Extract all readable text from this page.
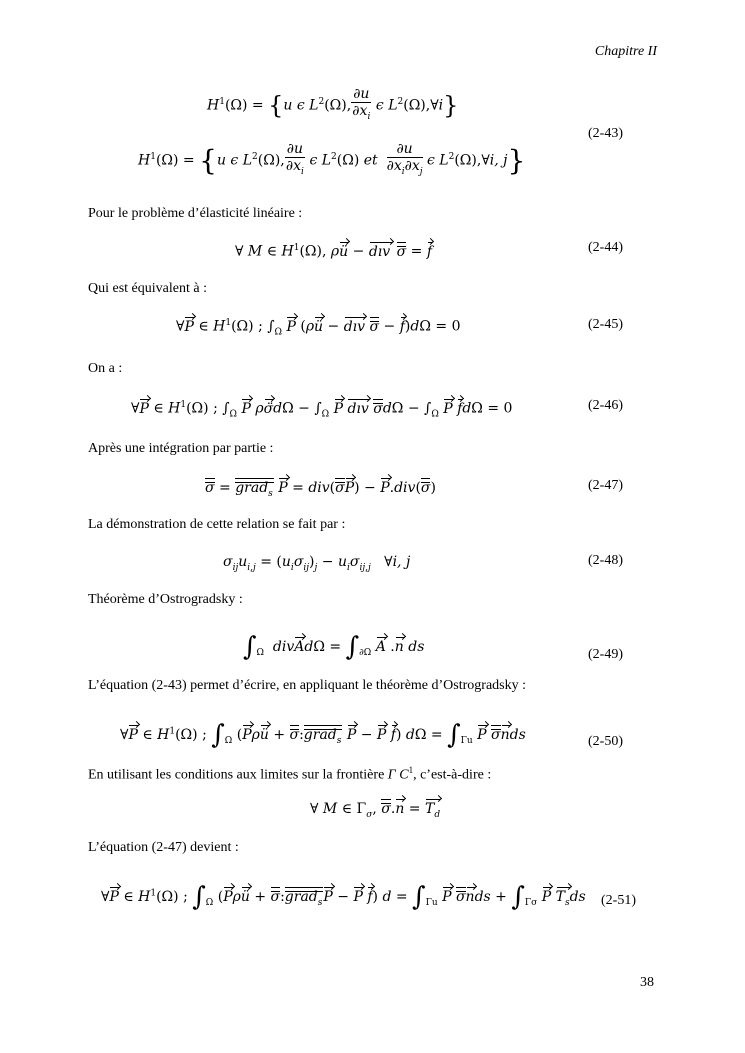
Chapitre II
$H^1(\Omega) = \{u$ ϵ $L^2(\Omega)$, $\frac{\partial u}{\partial x_i}$ ϵ $L^2(\Omega),\forall i$}
$H^1(\Omega) = \{u$ ϵ $L^2(\Omega)$, $\frac{\partial u}{\partial x_i}$ ϵ $L^2(\Omega)$ et $\frac{\partial u}{\partial x_i\partial x_j}$ ϵ $L^2(\Omega),\forall i$, j}
(2-43)
Pour le problème d’élasticité linéaire :
∀ M ∈ $H^1(\Omega)$, ρü − dıv σ = f	(2-44)
Qui est équivalent à :
∀P ∈ $H^1(\Omega)$ ; $\int_\Omega$ P (ρü − dıv σ − f)dΩ = 0	(2-45)
On a :
∀P ∈ $H^1(\Omega)$ ; $\int_\Omega$ P ρσ̈dΩ − $\int_\Omega$ P dıv $\sigma d\Omega - \int_\Omega$ P fdΩ = 0	(2-46)
Après une intégration par partie :
σ = grad$_s$ P = div(σP) − P.div(σ)	(2-47)
La démonstration de cette relation se fait par :
$\sigma_{ij}u_{i,j} = (u_i\sigma_{ij})_j - u_i\sigma_{ij,j}$   ∀i, j	(2-48)
Théorème d’Ostrogradsky :
$\int_\Omega$  divAdΩ = $\int_{\partial\Omega}$ A .n ds	(2-49)
L’équation (2-43) permet d’écrire, en appliquant le théorème d’Ostrogradsky :
∀P ∈ $H^1(\Omega)$ ; $\int_\Omega$ (Pρü + σ:grad$_s$ P − P f) $d\Omega = \int_{\Gamma u}$ P σnds	(2-50)
En utilisant les conditions aux limites sur la frontière Γ $C^1$, c’est-à-dire :
∀ M ∈ $\Gamma_\sigma$, $\sigma.n = T_d$
L’équation (2-47) devient :
∀P ∈ $H^1(\Omega)$ ; $\int_\Omega$ (Pρü + σ:grad$_s$P − P f) $d = \int_{\Gamma u}$ P $\sigma nds + \int_{\Gamma\sigma}$ P $T_sds$ (2-51)
38
